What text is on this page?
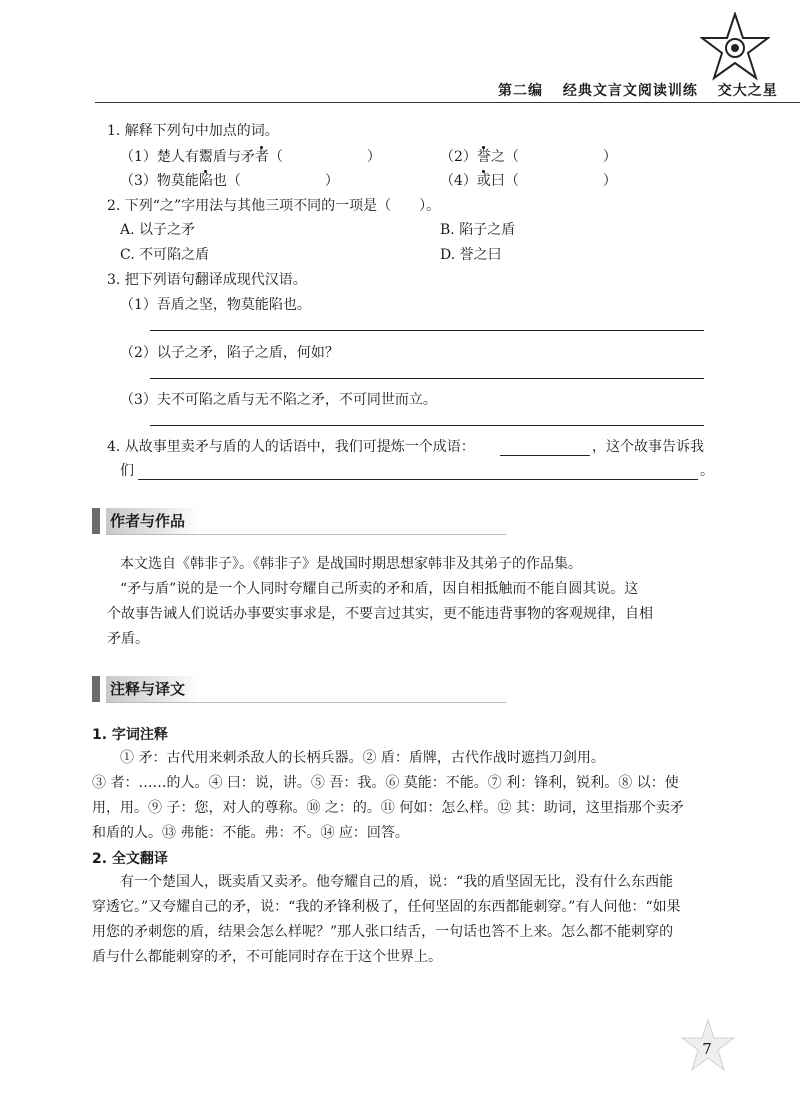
第二编 经典文言文阅读训练 交大之星
1. 解释下列句中加点的词。
（1）楚人有鬻盾与矛者（　　　　　　）	（2）誉之（　　　　　　）
（3）物莫能陷也（　　　　　　）	（4）或曰（　　　　　　）
2. 下列“之”字用法与其他三项不同的一项是（　　）。
A. 以子之矛	B. 陷子之盾
C. 不可陷之盾	D. 誉之曰
3. 把下列语句翻译成现代汉语。
（1）吾盾之坚，物莫能陷也。
（2）以子之矛，陷子之盾，何如？
（3）夫不可陷之盾与无不陷之矛，不可同世而立。
4. 从故事里卖矛与盾的人的话语中，我们可提炼一个成语：	，这个故事告诉我
们	。
作者与作品
本文选自《韩非子》。《韩非子》是战国时期思想家韩非及其弟子的作品集。
“矛与盾”说的是一个人同时夸耀自己所卖的矛和盾，因自相抵触而不能自圆其说。这
个故事告诫人们说话办事要实事求是，不要言过其实，更不能违背事物的客观规律，自相
矛盾。
注释与译文
1. 字词注释
① 矛：古代用来刺杀敌人的长柄兵器。② 盾：盾牌，古代作战时遮挡刀剑用。
③ 者：……的人。④ 曰：说，讲。⑤ 吾：我。⑥ 莫能：不能。⑦ 利：锋利，锐利。⑧ 以：使
用，用。⑨ 子：您，对人的尊称。⑩ 之：的。⑪ 何如：怎么样。⑫ 其：助词，这里指那个卖矛
和盾的人。⑬ 弗能：不能。弗：不。⑭ 应：回答。
2. 全文翻译
有一个楚国人，既卖盾又卖矛。他夸耀自己的盾，说：“我的盾坚固无比，没有什么东西能
穿透它。”又夸耀自己的矛，说：“我的矛锋利极了，任何坚固的东西都能刺穿。”有人问他：“如果
用您的矛刺您的盾，结果会怎么样呢？”那人张口结舌，一句话也答不上来。怎么都不能刺穿的
盾与什么都能刺穿的矛，不可能同时存在于这个世界上。
7
